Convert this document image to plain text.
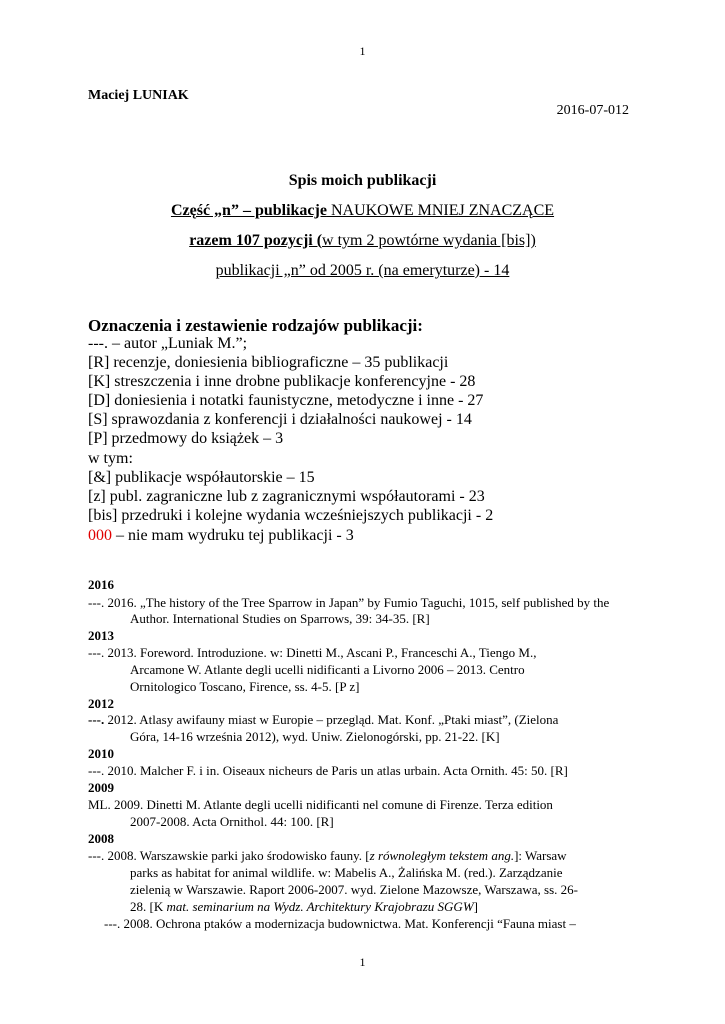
1
Maciej LUNIAK
2016-07-012
Spis moich publikacji
Część „n” – publikacje NAUKOWE MNIEJ ZNACZĄCE
razem 107 pozycji (w tym 2 powtórne wydania [bis])
publikacji „n” od 2005 r. (na emeryturze) - 14
Oznaczenia i zestawienie rodzajów publikacji:
---. – autor „Luniak M.”;
[R] recenzje, doniesienia bibliograficzne – 35 publikacji
[K] streszczenia i inne drobne publikacje konferencyjne - 28
[D] doniesienia i notatki faunistyczne, metodyczne i inne - 27
[S] sprawozdania z konferencji i działalności naukowej - 14
[P] przedmowy do książek – 3
w tym:
[&] publikacje współautorskie – 15
[z] publ. zagraniczne lub z zagranicznymi współautorami - 23
[bis] przedruki i kolejne wydania wcześniejszych publikacji - 2
000 – nie mam wydruku tej publikacji - 3
2016
---. 2016. „The history of the Tree Sparrow in Japan” by Fumio Taguchi, 1015, self published by the
Author. International Studies on Sparrows, 39: 34-35. [R]
2013
---. 2013. Foreword. Introduzione. w: Dinetti M., Ascani P., Franceschi A., Tiengo M.,
Arcamone W. Atlante degli ucelli nidificanti a Livorno 2006 – 2013. Centro
Ornitologico Toscano, Firence, ss. 4-5. [P z]
2012
---. 2012. Atlasy awifauny miast w Europie – przegląd. Mat. Konf. „Ptaki miast”, (Zielona
Góra, 14-16 września 2012), wyd. Uniw. Zielonogórski, pp. 21-22. [K]
2010
---. 2010. Malcher F. i in. Oiseaux nicheurs de Paris un atlas urbain. Acta Ornith. 45: 50. [R]
2009
ML. 2009. Dinetti M. Atlante degli ucelli nidificanti nel comune di Firenze. Terza edition
2007-2008. Acta Ornithol. 44: 100. [R]
2008
---. 2008. Warszawskie parki jako środowisko fauny. [z równoległym tekstem ang.]: Warsaw
parks as habitat for animal wildlife. w: Mabelis A., Żalińska M. (red.). Zarządzanie
zielenią w Warszawie. Raport 2006-2007. wyd. Zielone Mazowsze, Warszawa, ss. 26-
28. [K mat. seminarium na Wydz. Architektury Krajobrazu SGGW]
---. 2008. Ochrona ptaków a modernizacja budownictwa. Mat. Konferencji “Fauna miast –
1
